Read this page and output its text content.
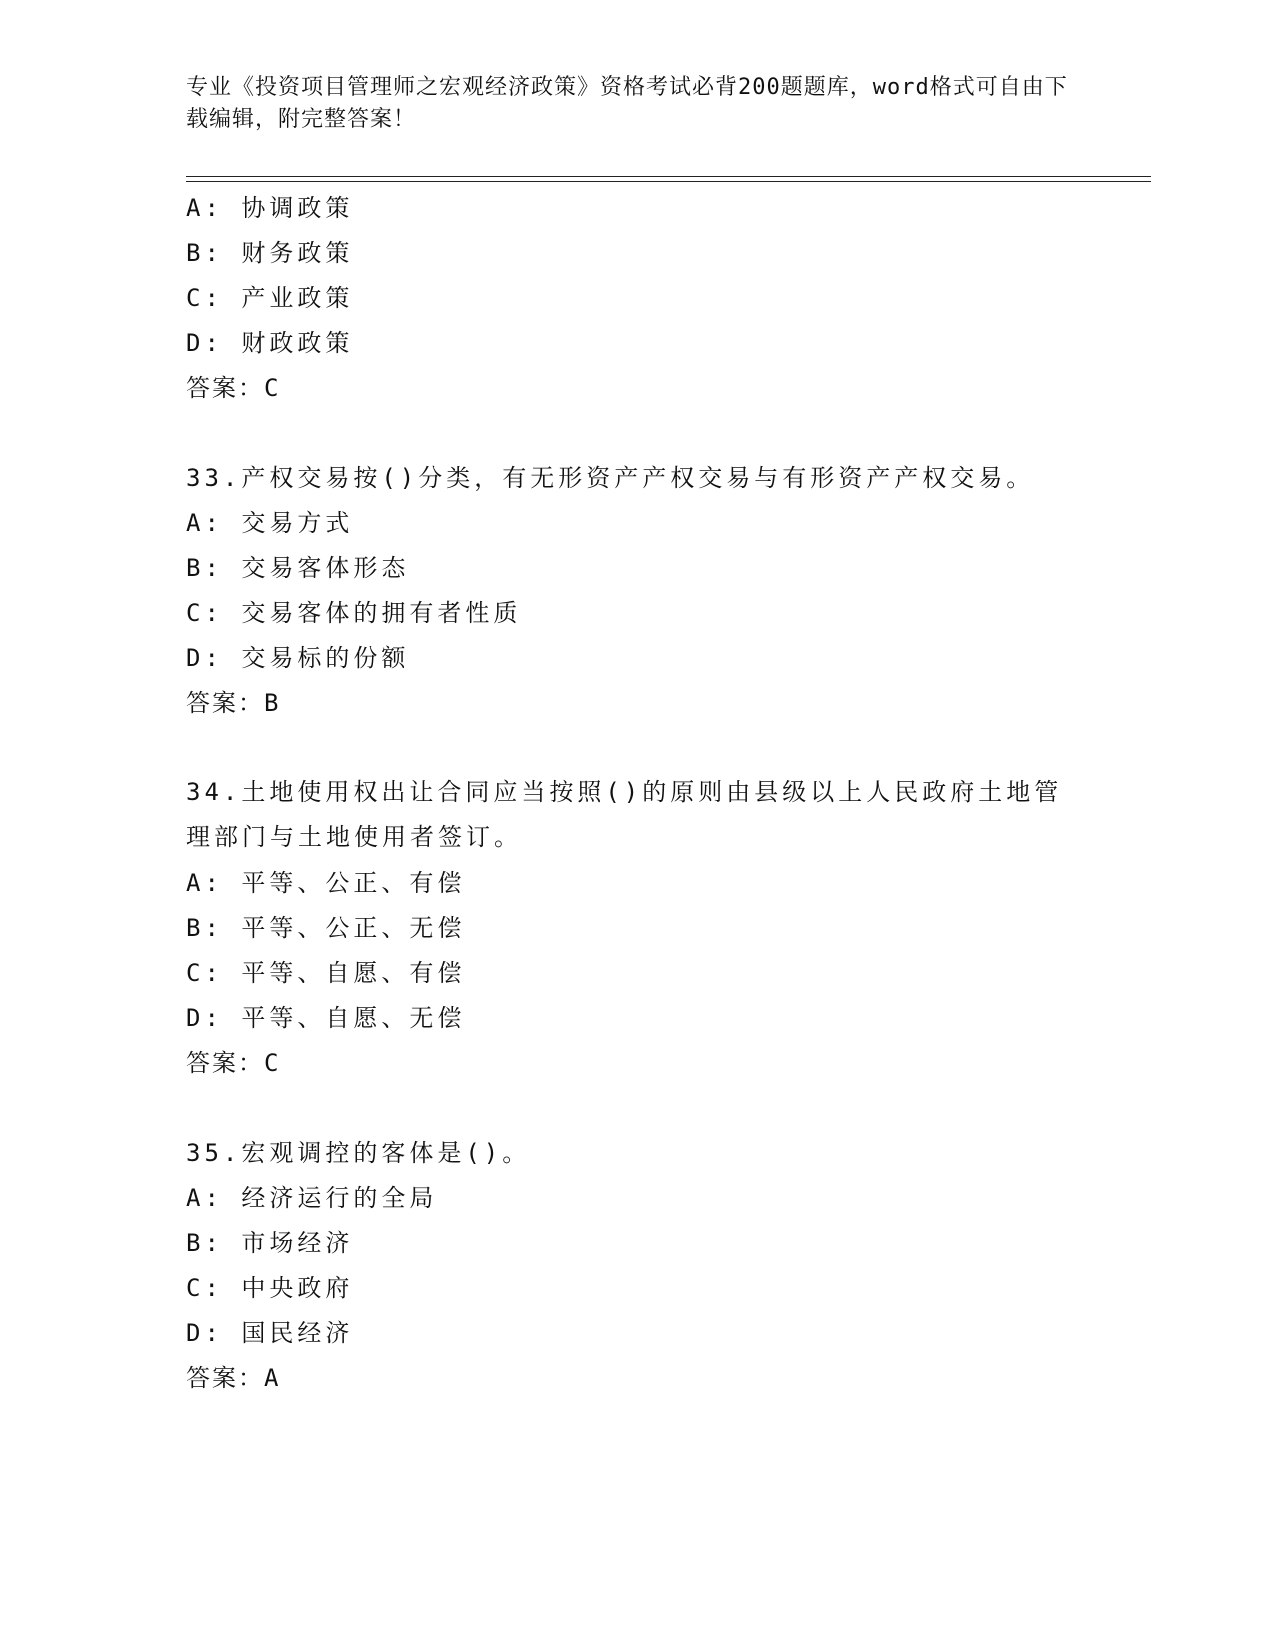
专业《投资项目管理师之宏观经济政策》资格考试必背200题题库，word格式可自由下载编辑，附完整答案！
A: 协调政策
B: 财务政策
C: 产业政策
D: 财政政策
答案：C
33.产权交易按()分类，有无形资产产权交易与有形资产产权交易。
A: 交易方式
B: 交易客体形态
C: 交易客体的拥有者性质
D: 交易标的份额
答案：B
34.土地使用权出让合同应当按照()的原则由县级以上人民政府土地管理部门与土地使用者签订。
A: 平等、公正、有偿
B: 平等、公正、无偿
C: 平等、自愿、有偿
D: 平等、自愿、无偿
答案：C
35.宏观调控的客体是()。
A: 经济运行的全局
B: 市场经济
C: 中央政府
D: 国民经济
答案：A
